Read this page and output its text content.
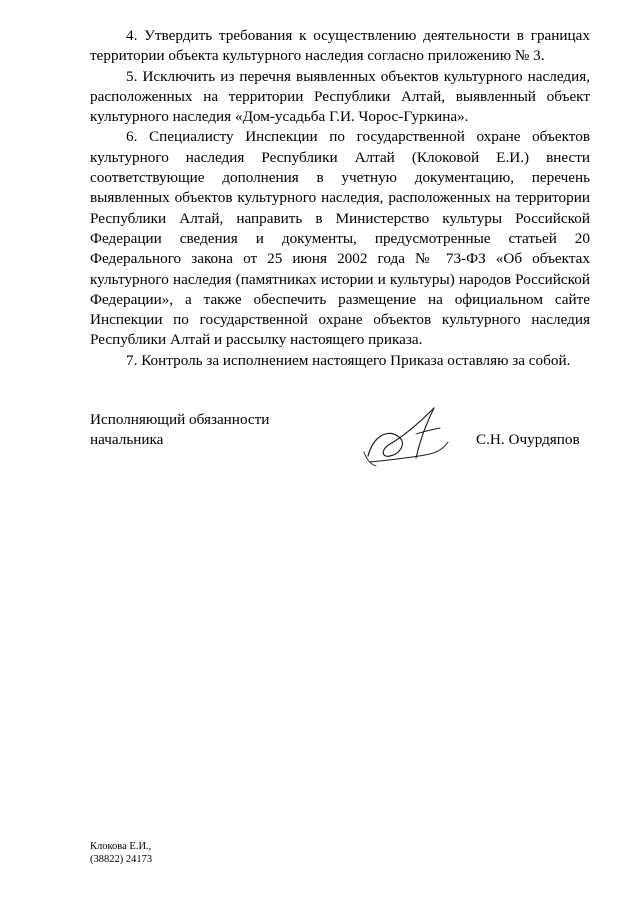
4. Утвердить требования к осуществлению деятельности в границах территории объекта культурного наследия согласно приложению № 3.

5. Исключить из перечня выявленных объектов культурного наследия, расположенных на территории Республики Алтай, выявленный объект культурного наследия «Дом-усадьба Г.И. Чорос-Гуркина».

6. Специалисту Инспекции по государственной охране объектов культурного наследия Республики Алтай (Клоковой Е.И.) внести соответствующие дополнения в учетную документацию, перечень выявленных объектов культурного наследия, расположенных на территории Республики Алтай, направить в Министерство культуры Российской Федерации сведения и документы, предусмотренные статьей 20 Федерального закона от 25 июня 2002 года № 73-ФЗ «Об объектах культурного наследия (памятниках истории и культуры) народов Российской Федерации», а также обеспечить размещение на официальном сайте Инспекции по государственной охране объектов культурного наследия Республики Алтай и рассылку настоящего приказа.

7. Контроль за исполнением настоящего Приказа оставляю за собой.

Исполняющий обязанности
начальника	С.Н. Очурдяпов
Клокова Е.И.,
(38822) 24173
